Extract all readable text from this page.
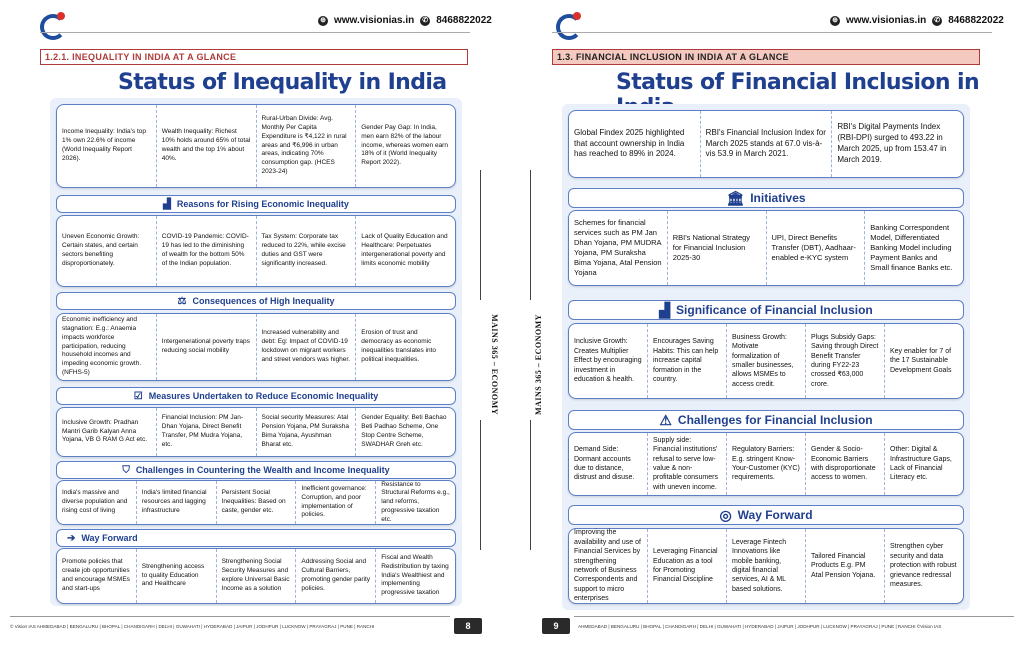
⊕ www.visionias.in ✆ 8468822022
1.2.1. INEQUALITY IN INDIA AT A GLANCE
Status of Inequality in India
Income Inequality: India's top 1% own 22.6% of income (World Inequality Report 2026).
Wealth Inequality: Richest 10% holds around 65% of total wealth and the top 1% about 40%.
Rural-Urban Divide: Avg. Monthly Per Capita Expenditure is ₹4,122 in rural areas and ₹6,996 in urban areas, indicating 70% consumption gap. (HCES 2023-24)
Gender Pay Gap: In India, men earn 82% of the labour income, whereas women earn 18% of it (World Inequality Report 2022).
▟ Reasons for Rising Economic Inequality
Uneven Economic Growth: Certain states, and certain sectors benefiting disproportionately.
COVID-19 Pandemic: COVID-19 has led to the diminishing of wealth for the bottom 50% of the Indian population.
Tax System: Corporate tax reduced to 22%, while excise duties and GST were significantly increased.
Lack of Quality Education and Healthcare: Perpetuates intergenerational poverty and limits economic mobility
⚖ Consequences of High Inequality
Economic inefficiency and stagnation: E.g.: Anaemia impacts workforce participation, reducing household incomes and impeding economic growth. (NFHS-5)
Intergenerational poverty traps reducing social mobility
Increased vulnerability and debt: Eg: Impact of COVID-19 lockdown on migrant workers and street vendors was higher.
Erosion of trust and democracy as economic inequalities translates into political inequalities.
☑ Measures Undertaken to Reduce Economic Inequality
Inclusive Growth: Pradhan Mantri Garib Kalyan Anna Yojana, VB G RAM G Act etc.
Financial Inclusion: PM Jan-Dhan Yojana, Direct Benefit Transfer, PM Mudra Yojana, etc.
Social security Measures: Atal Pension Yojana, PM Suraksha Bima Yojana, Ayushman Bharat etc.
Gender Equality: Beti Bachao Beti Padhao Scheme, One Stop Centre Scheme, SWADHAR Greh etc.
⛉ Challenges in Countering the Wealth and Income Inequality
India's massive and diverse population and rising cost of living
India's limited financial resources and lagging infrastructure
Persistent Social Inequalities: Based on caste, gender etc.
Inefficient governance: Corruption, and poor implementation of policies.
Resistance to Structural Reforms e.g., land reforms, progressive taxation etc.
➔ Way Forward
Promote policies that create job opportunities and encourage MSMEs and start-ups
Strengthening access to quality Education and Healthcare
Strengthening Social Security Measures and explore Universal Basic Income as a solution
Addressing Social and Cultural Barriers, promoting gender parity policies.
Fiscal and Wealth Redistribution by taxing India's Wealthiest and implementing progressive taxation
MAINS 365 – ECONOMY
© Vision IAS AHMEDABAD | BENGALURU | BHOPAL | CHANDIGARH | DELHI | GUWAHATI | HYDERABAD | JAIPUR | JODHPUR | LUCKNOW | PRAYAGRAJ | PUNE | RANCHI	8
⊕ www.visionias.in ✆ 8468822022
1.3. FINANCIAL INCLUSION IN INDIA AT A GLANCE
Status of Financial Inclusion in
MAINS 365 – ECONOMY
Global Findex 2025 highlighted that account ownership in India has reached to 89% in 2024.
RBI's Financial Inclusion Index for March 2025 stands at 67.0 vis-à-vis 53.9 in March 2021.
RBI's Digital Payments Index (RBI-DPI) surged to 493.22 in March 2025, up from 153.47 in March 2019.
🏛 Initiatives
Schemes for financial services such as PM Jan Dhan Yojana, PM MUDRA Yojana, PM Suraksha Bima Yojana, Atal Pension Yojana
RBI's National Strategy for Financial Inclusion 2025-30
UPI, Direct Benefits Transfer (DBT), Aadhaar-enabled e-KYC system
Banking Correspondent Model, Differentiated Banking Model including Payment Banks and Small finance Banks etc.
▟ Significance of Financial Inclusion
Inclusive Growth: Creates Multiplier Effect by encouraging investment in education & health.
Encourages Saving Habits: This can help increase capital formation in the country.
Business Growth: Motivate formalization of smaller businesses, allows MSMEs to access credit.
Plugs Subsidy Gaps: Saving through Direct Benefit Transfer during FY22-23 crossed ₹63,000 crore.
Key enabler for 7 of the 17 Sustainable Development Goals
⚠ Challenges for Financial Inclusion
Demand Side: Dormant accounts due to distance, distrust and disuse.
Supply side: Financial institutions' refusal to serve low-value & non-profitable consumers with uneven income.
Regulatory Barriers: E.g. stringent Know-Your-Customer (KYC) requirements.
Gender & Socio-Economic Barriers with disproportionate access to women.
Other: Digital & Infrastructure Gaps, Lack of Financial Literacy etc.
◎ Way Forward
Improving the availability and use of Financial Services by strengthening network of Business Correspondents and support to micro enterprises
Leveraging Financial Education as a tool for Promoting Financial Discipline
Leverage Fintech Innovations like mobile banking, digital financial services, AI & ML based solutions.
Tailored Financial Products E.g. PM Atal Pension Yojana.
Strengthen cyber security and data protection with robust grievance redressal measures.
9	AHMEDABAD | BENGALURU | BHOPAL | CHANDIGARH | DELHI | GUWAHATI | HYDERABAD | JAIPUR | JODHPUR | LUCKNOW | PRAYAGRAJ | PUNE | RANCHI ©Vision IAS
